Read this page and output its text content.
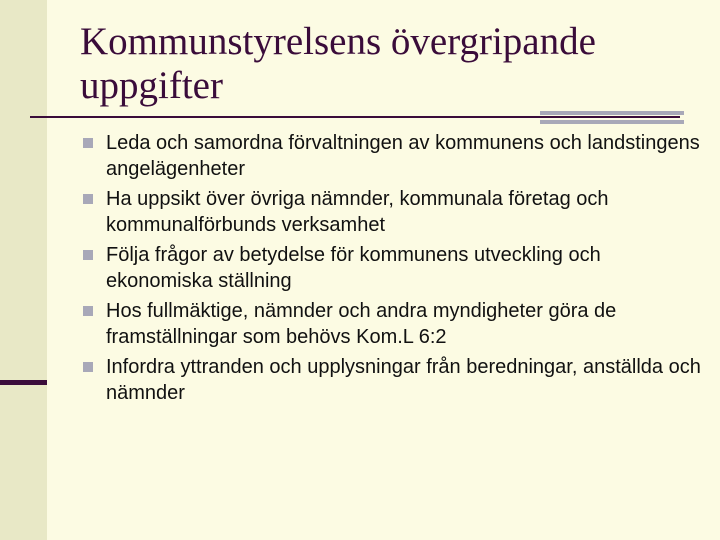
Kommunstyrelsens övergripande uppgifter
Leda och samordna förvaltningen av kommunens och landstingens angelägenheter
Ha uppsikt över övriga nämnder, kommunala företag och kommunalförbunds verksamhet
Följa frågor av betydelse för kommunens utveckling och ekonomiska ställning
Hos fullmäktige, nämnder och andra myndigheter göra de framställningar som behövs Kom.L 6:2
Infordra yttranden och upplysningar från beredningar, anställda och nämnder
